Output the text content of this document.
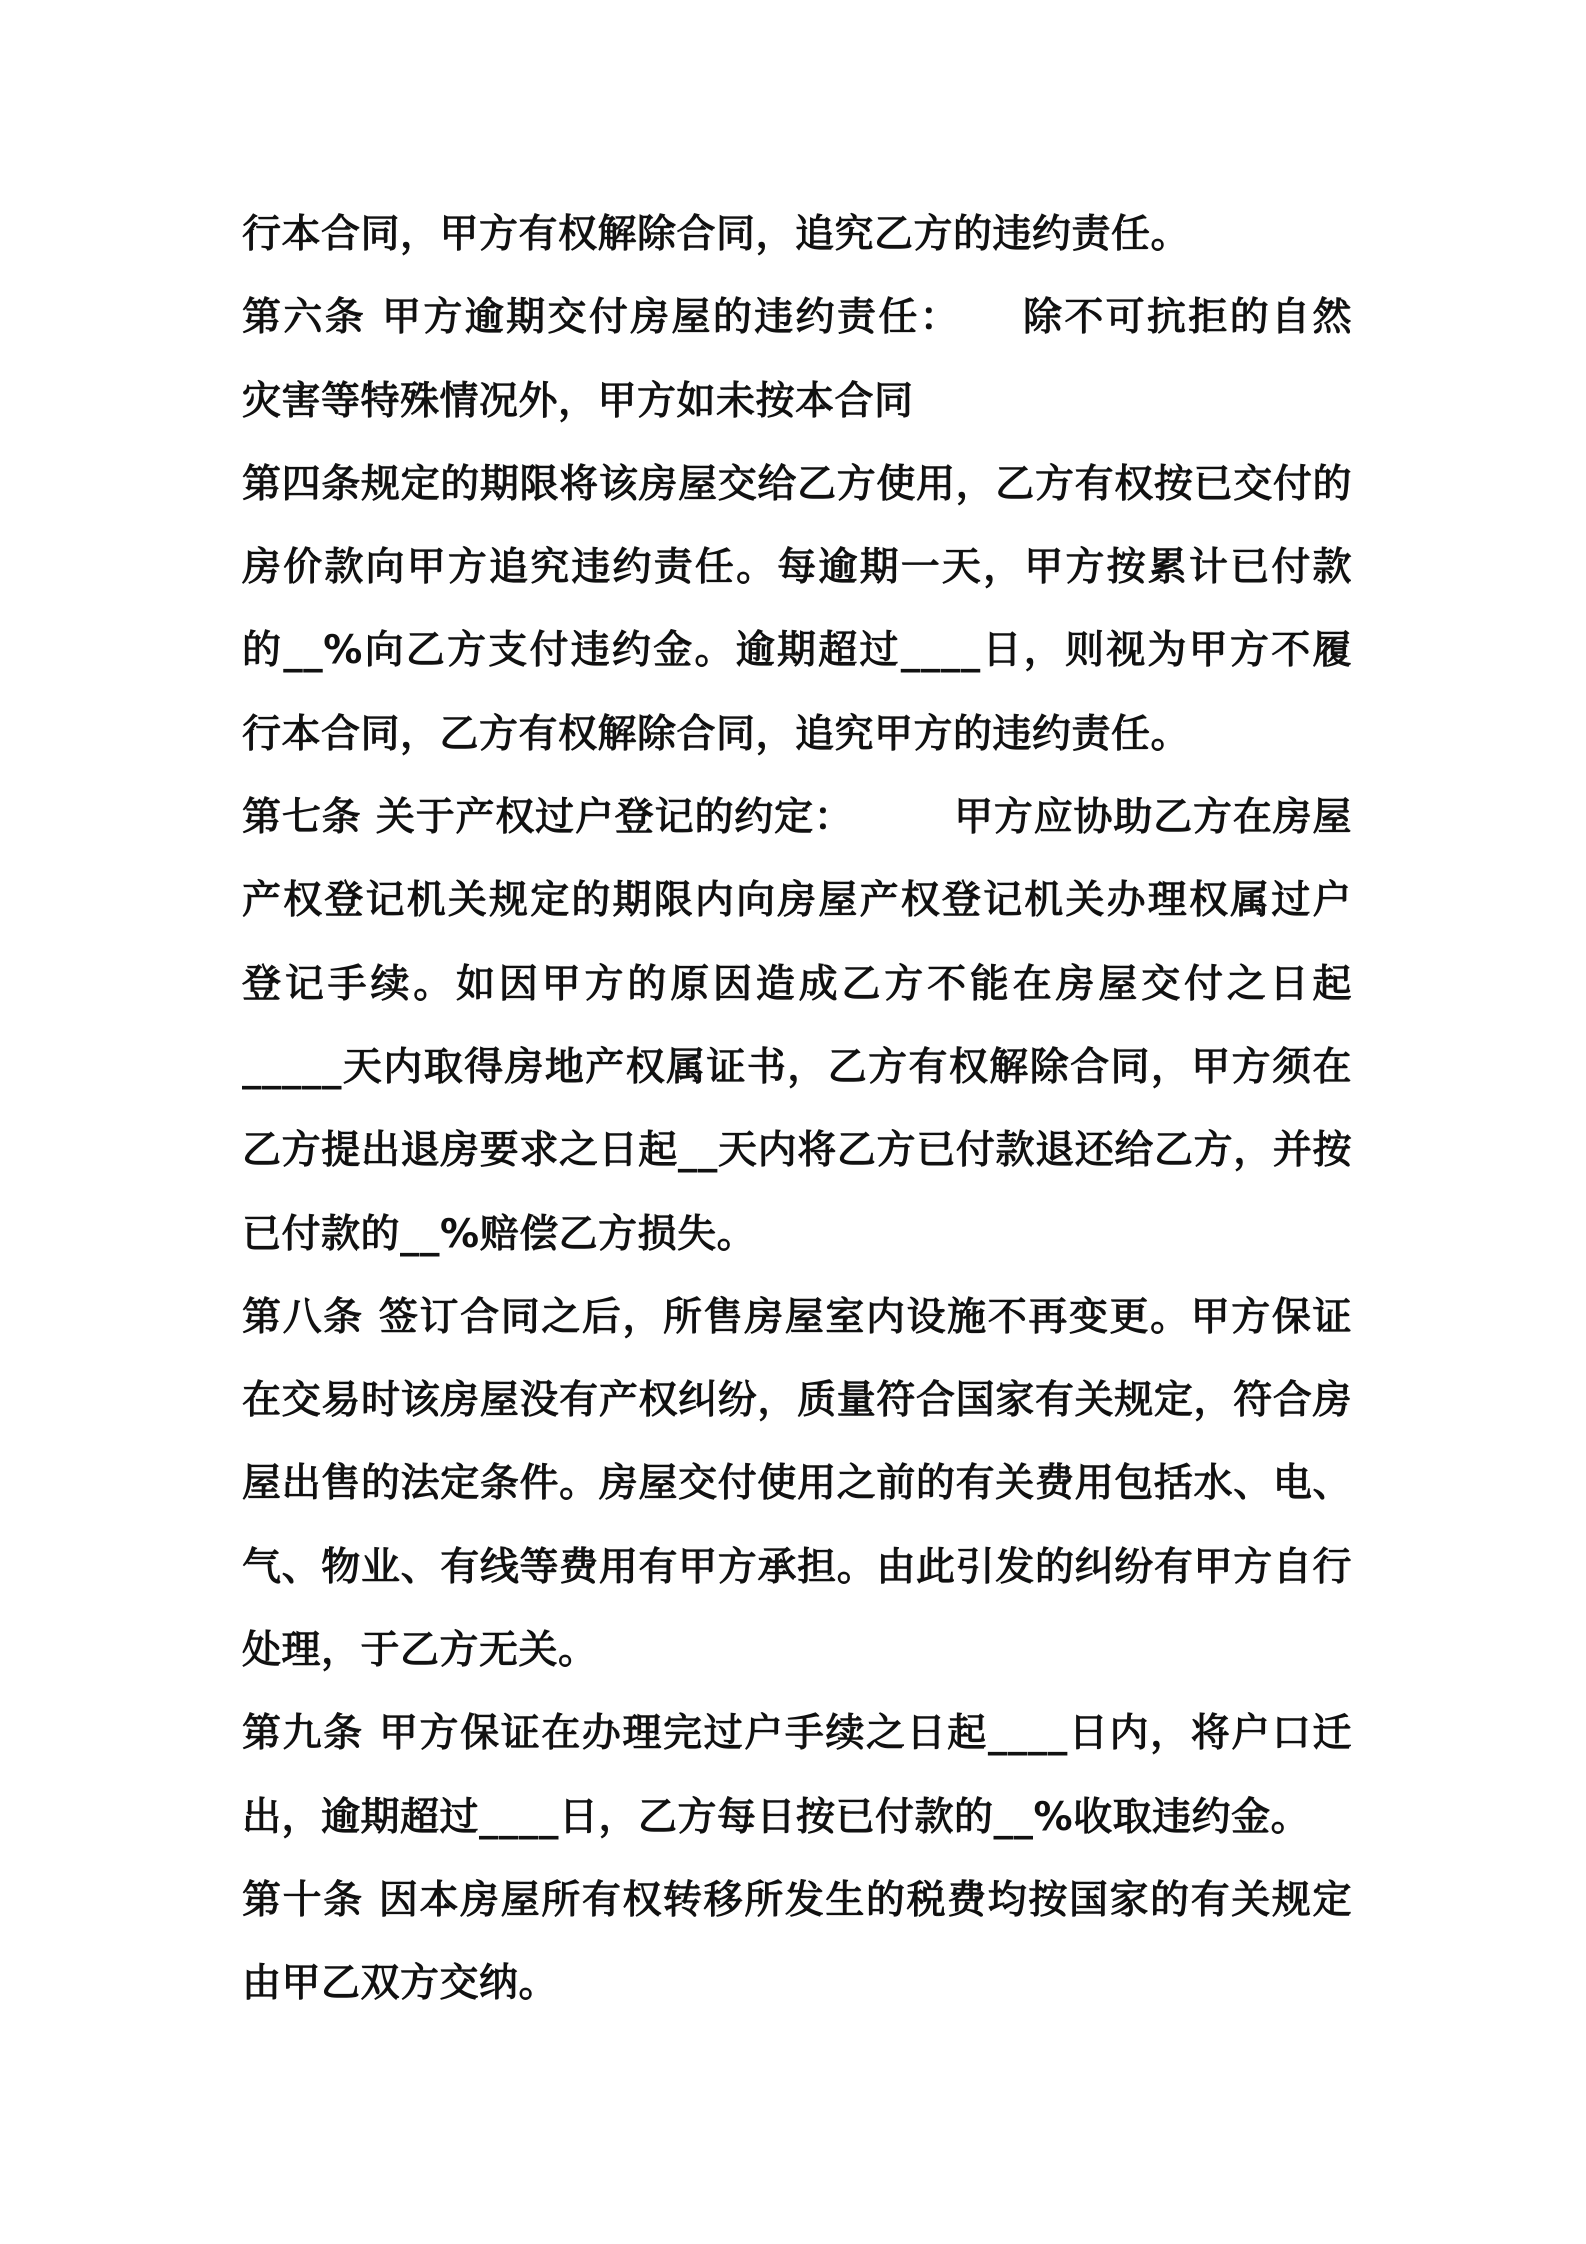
行本合同，甲方有权解除合同，追究乙方的违约责任。
第六条 甲方逾期交付房屋的违约责任： 除不可抗拒的自然
灾害等特殊情况外，甲方如未按本合同
第四条规定的期限将该房屋交给乙方使用，乙方有权按已交付的
房价款向甲方追究违约责任。每逾期一天，甲方按累计已付款
的__%向乙方支付违约金。逾期超过____日，则视为甲方不履
行本合同，乙方有权解除合同，追究甲方的违约责任。
第七条 关于产权过户登记的约定：	甲方应协助乙方在房屋
产权登记机关规定的期限内向房屋产权登记机关办理权属过户
登记手续。如因甲方的原因造成乙方不能在房屋交付之日起
_____天内取得房地产权属证书，乙方有权解除合同，甲方须在
乙方提出退房要求之日起__天内将乙方已付款退还给乙方，并按
已付款的__%赔偿乙方损失。
第八条 签订合同之后，所售房屋室内设施不再变更。甲方保证
在交易时该房屋没有产权纠纷，质量符合国家有关规定，符合房
屋出售的法定条件。房屋交付使用之前的有关费用包括水、电、
气、物业、有线等费用有甲方承担。由此引发的纠纷有甲方自行
处理，于乙方无关。
第九条 甲方保证在办理完过户手续之日起____日内，将户口迁
出，逾期超过____日，乙方每日按已付款的__%收取违约金。
第十条 因本房屋所有权转移所发生的税费均按国家的有关规定
由甲乙双方交纳。
